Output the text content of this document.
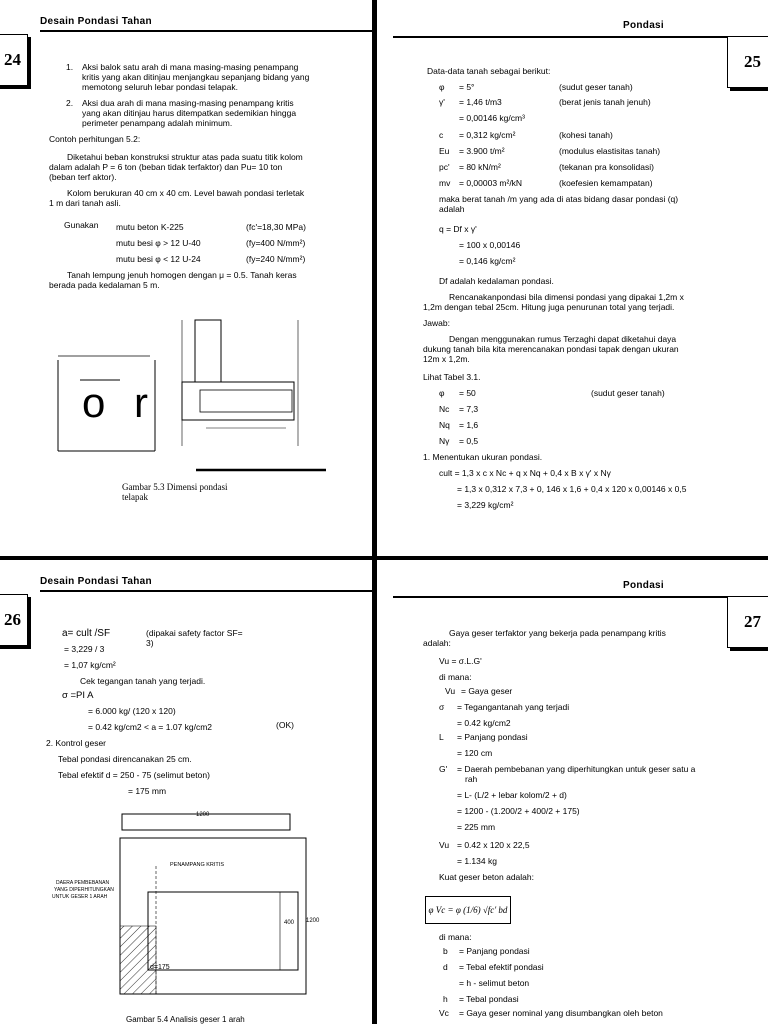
Desain Pondasi Tahan
24	1. Aksi balok satu arah di mana masing-masing penampang
kritis yang akan ditinjau menjangkau sepanjang bidang yang
memotong seluruh lebar pondasi telapak.
2. Aksi dua arah di mana masing-masing penampang kritis
yang akan ditinjau harus ditempatkan sedemikian hingga
perimeter penampang adalah minimum.
Contoh perhitungan 5.2:
Diketahui beban konstruksi struktur atas pada suatu titik kolom
dalam adalah P = 6 ton (beban tidak terfaktor) dan Pu= 10 ton
(beban terf aktor).
Kolom berukuran 40 cm x 40 cm. Level bawah pondasi terletak
1 m dari tanah asli.
Gunakan mutu beton K-225	(fc'=18,30 MPa)
mutu besi φ > 12 U-40	(fy=400 N/mm²)
mutu besi φ < 12 U-24	(fy=240 N/mm²)
Tanah lempung jenuh homogen dengan μ = 0.5. Tanah keras
berada pada kedalaman 5 m.
o r
Gambar 5.3 Dimensi pondasi
telapak
Pondasi
25
Data-data tanah sebagai berikut:
φ = 5°	(sudut geser tanah)
γ' = 1,46 t/m3	(berat jenis tanah jenuh)
= 0,00146 kg/cm³
c = 0,312 kg/cm²	(kohesi tanah)
Eu = 3.900 t/m²	(modulus elastisitas tanah)
pc' = 80 kN/m²	(tekanan pra konsolidasi)
mv = 0,00003 m²/kN	(koefesien kemampatan)
maka berat tanah /m yang ada di atas bidang dasar pondasi (q)
adalah
q = Df x γ'
= 100 x 0,00146
= 0,146 kg/cm²
Df adalah kedalaman pondasi.
Rencanakanpondasi bila dimensi pondasi yang dipakai 1,2m x
1,2m dengan tebal 25cm. Hitung juga penurunan total yang terjadi.
Jawab:
Dengan menggunakan rumus Terzaghi dapat diketahui daya
dukung tanah bila kita merencanakan pondasi tapak dengan ukuran
12m x 1,2m.
Lihat Tabel 3.1.
φ = 50	(sudut geser tanah)
Nc = 7,3
Nq = 1,6
Nγ = 0,5
1. Menentukan ukuran pondasi.
cult = 1,3 x c x Nc + q x Nq + 0,4 x B x γ' x Nγ
= 1,3 x 0,312 x 7,3 + 0, 146 x 1,6 + 0,4 x 120 x 0,00146 x 0,5
= 3,229 kg/cm²
Desain Pondasi Tahan
26
a= cult /SF	(dipakai safety factor SF=
3)
= 3,229 / 3
= 1,07 kg/cm²
Cek tegangan tanah yang terjadi.
σ =PI A
= 6.000 kg/ (120 x 120)
= 0.42 kg/cm2 < a = 1.07 kg/cm2	(OK)
2. Kontrol geser
Tebal pondasi direncanakan 25 cm.
Tebal efektif d = 250 - 75 (selimut beton)
= 175 mm
1200
PENAMPANG KRITIS
DAERA PEMBEBANAN
YANG DIPERHITUNGKAN
UNTUK GESER 1 ARAH
400 1200
d=175
Gambar 5.4 Analisis geser 1 arah
Pondasi
27
Gaya geser terfaktor yang bekerja pada penampang kritis
adalah:
Vu = σ.L.G'
di mana:
Vu = Gaya geser
σ = Tegangantanah yang terjadi
= 0.42 kg/cm2
L = Panjang pondasi
= 120 cm
G' = Daerah pembebanan yang diperhitungkan untuk geser satu a
rah
= L- (L/2 + lebar kolom/2 + d)
= 1200 - (1.200/2 + 400/2 + 175)
= 225 mm
Vu = 0.42 x 120 x 22,5
= 1.134 kg
Kuat geser beton adalah:
φ Vc = φ (1/6) √fc' bd
di mana:
b = Panjang pondasi
d = Tebal efektif pondasi
= h - selimut beton
h = Tebal pondasi
Vc = Gaya geser nominal yang disumbangkan oleh beton
